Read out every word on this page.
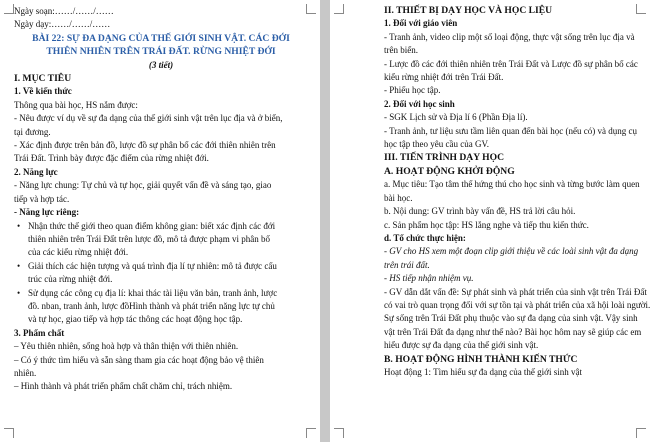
Ngày soạn:……/……/……
Ngày dạy:……/……/……
BÀI 22: SỰ ĐA DẠNG CỦA THẾ GIỚI SINH VẬT. CÁC ĐỚI
THIÊN NHIÊN TRÊN TRÁI ĐẤT. RỪNG NHIỆT ĐỚI
(3 tiết)
I. MỤC TIÊU
1. Về kiến thức
Thông qua bài học, HS nắm được:
- Nêu được ví dụ về sự đa dạng của thế giới sinh vật trên lục địa và ở biển,
tại đương.
- Xác định được trên bản đồ, lược đồ sự phân bố các đới thiên nhiên trên
Trái Đất. Trình bày được đặc điểm của rừng nhiệt đới.
2. Năng lực
- Năng lực chung: Tự chủ và tự học, giải quyết vấn đề và sáng tạo, giao
tiếp và hợp tác.
- Năng lực riêng:
• Nhận thức thế giới theo quan điểm không gian: biết xác định các đới
thiên nhiên trên Trái Đất trên lược đồ, mô tả được phạm vi phân bố
của các kiểu rừng nhiệt đới.
• Giải thích các hiện tượng và quá trình địa lí tự nhiên: mô tả được cấu
trúc của rừng nhiệt đới.
• Sử dụng các công cụ địa lí: khai thác tài liệu văn bản, tranh ảnh, lược
đồ. nban, tranh ảnh, lược đồHình thành và phát triển năng lực tự chủ
và tự học, giao tiếp và hợp tác thông các hoạt động học tập.
3. Phẩm chất
– Yêu thiên nhiên, sống hoà hợp và thân thiện với thiên nhiên.
– Có ý thức tìm hiểu và sẵn sàng tham gia các hoạt động bảo vệ thiên
nhiên.
– Hình thành và phát triển phẩm chất chăm chỉ, trách nhiệm.
II. THIẾT BỊ DẠY HỌC VÀ HỌC LIỆU
1. Đối với giáo viên
- Tranh ảnh, video clip một số loại động, thực vật sống trên lục địa và
trên biển.
- Lược đồ các đới thiên nhiên trên Trái Đất và Lược đồ sự phân bố các
kiểu rừng nhiệt đới trên Trái Đất.
- Phiếu học tập.
2. Đối với học sinh
- SGK Lịch sử và Địa lí 6 (Phần Địa lí).
- Tranh ảnh, tư liệu sưu tầm liên quan đến bài học (nếu có) và dụng cụ
học tập theo yêu cầu của GV.
III. TIẾN TRÌNH DẠY HỌC
A. HOẠT ĐỘNG KHỞI ĐỘNG
a. Mục tiêu: Tạo tâm thế hứng thú cho học sinh và từng bước làm quen
bài học.
b. Nội dung: GV trình bày vấn đề, HS trả lời câu hỏi.
c. Sản phẩm học tập: HS lắng nghe và tiếp thu kiến thức.
d. Tổ chức thực hiện:
- GV cho HS xem một đoạn clip giới thiệu về các loài sinh vật đa dạng
trên trái đất.
- HS tiếp nhận nhiệm vụ.
- GV dẫn dắt vấn đề: Sự phát sinh và phát triển của sinh vật trên Trái Đất
có vai trò quan trọng đối với sự tồn tại và phát triển của xã hội loài người.
Sự sống trên Trái Đất phụ thuộc vào sự đa dạng của sinh vật. Vậy sinh
vật trên Trái Đất đa dạng như thế nào? Bài học hôm nay sẽ giúp các em
hiểu được sự đa dạng của thế giới sinh vật.
B. HOẠT ĐỘNG HÌNH THÀNH KIẾN THỨC
Hoạt động 1: Tìm hiểu sự đa dạng của thế giới sinh vật
